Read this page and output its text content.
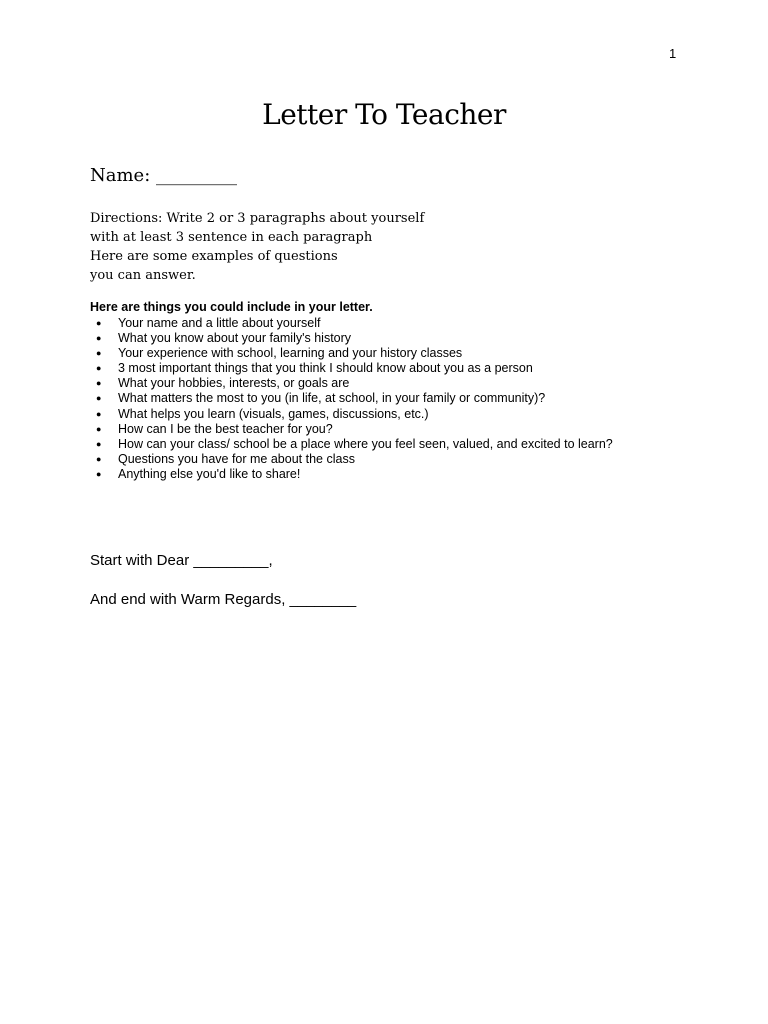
1
Letter To Teacher
Name: _________
Directions: Write 2 or 3 paragraphs about yourself
with at least 3 sentence in each paragraph
Here are some examples of questions
you can answer.
Here are things you could include in your letter.
● Your name and a little about yourself
● What you know about your family's history
● Your experience with school, learning and your history classes
● 3 most important things that you think I should know about you as a person
● What your hobbies, interests, or goals are
● What matters the most to you (in life, at school, in your family or community)?
● What helps you learn (visuals, games, discussions, etc.)
● How can I be the best teacher for you?
● How can your class/ school be a place where you feel seen, valued, and excited to learn?
● Questions you have for me about the class
● Anything else you'd like to share!
Start with Dear _________,
And end with Warm Regards, ________
